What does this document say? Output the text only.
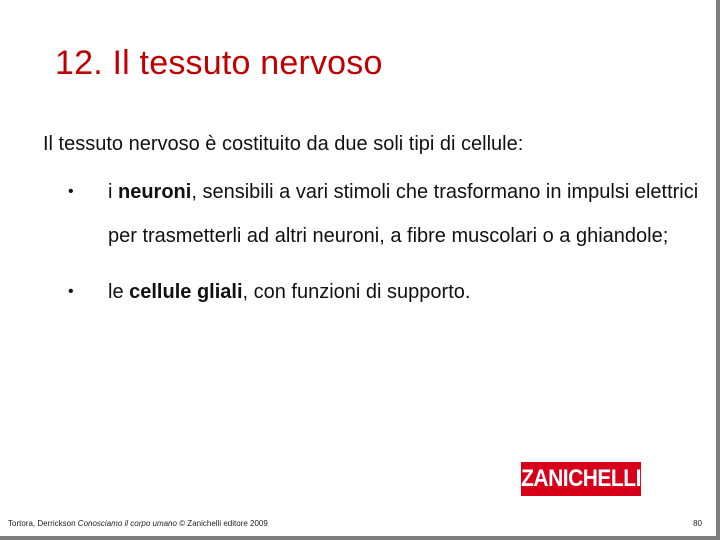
12. Il tessuto nervoso
Il tessuto nervoso è costituito da due soli tipi di cellule:
• i neuroni, sensibili a vari stimoli che trasformano in impulsi elettrici per trasmetterli ad altri neuroni, a fibre muscolari o a ghiandole;
• le cellule gliali, con funzioni di supporto.
ZANICHELLI
Tortora, Derrickson Conosciamo il corpo umano © Zanichelli editore 2009	80
